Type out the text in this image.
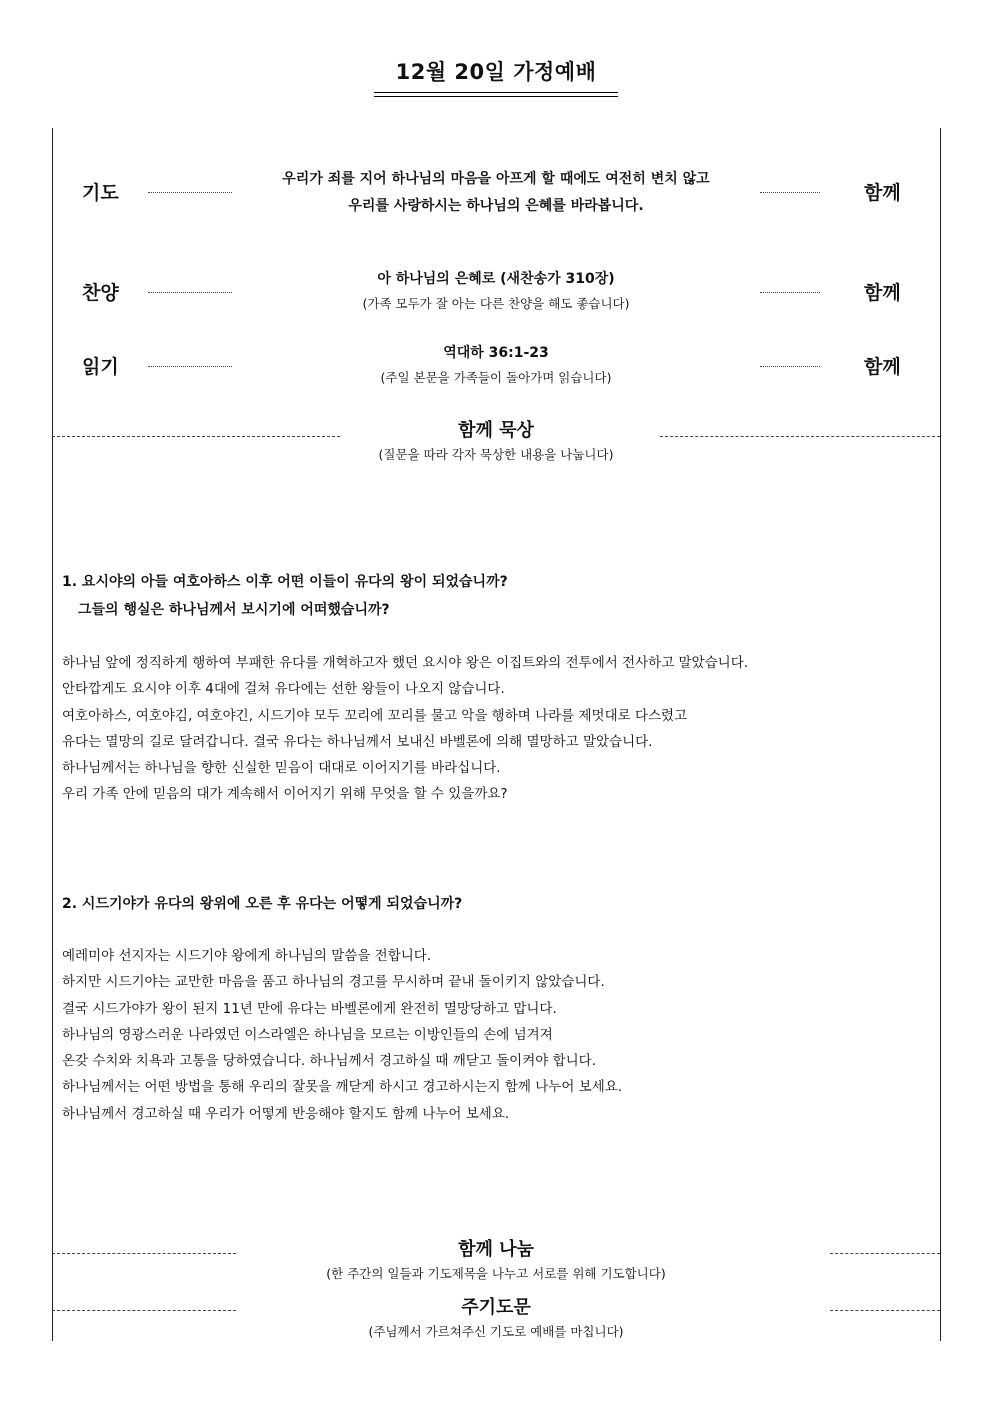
12월 20일 가정예배
기도
우리가 죄를 지어 하나님의 마음을 아프게 할 때에도 여전히 변치 않고
우리를 사랑하시는 하나님의 은혜를 바라봅니다.
함께
찬양
아 하나님의 은혜로 (새찬송가 310장)
(가족 모두가 잘 아는 다른 찬양을 해도 좋습니다)	함께
읽기
역대하 36:1-23
(주일 본문을 가족들이 돌아가며 읽습니다)	함께
함께 묵상
(질문을 따라 각자 묵상한 내용을 나눕니다)
1. 요시야의 아들 여호아하스 이후 어떤 이들이 유다의 왕이 되었습니까?
그들의 행실은 하나님께서 보시기에 어떠했습니까?
하나님 앞에 정직하게 행하여 부패한 유다를 개혁하고자 했던 요시야 왕은 이집트와의 전투에서 전사하고 말았습니다.
안타깝게도 요시야 이후 4대에 걸쳐 유다에는 선한 왕들이 나오지 않습니다.
여호아하스, 여호야김, 여호야긴, 시드기야 모두 꼬리에 꼬리를 물고 악을 행하며 나라를 제멋대로 다스렸고
유다는 멸망의 길로 달려갑니다. 결국 유다는 하나님께서 보내신 바벨론에 의해 멸망하고 말았습니다.
하나님께서는 하나님을 향한 신실한 믿음이 대대로 이어지기를 바라십니다.
우리 가족 안에 믿음의 대가 계속해서 이어지기 위해 무엇을 할 수 있을까요?
2. 시드기야가 유다의 왕위에 오른 후 유다는 어떻게 되었습니까?
예레미야 선지자는 시드기야 왕에게 하나님의 말씀을 전합니다.
하지만 시드기야는 교만한 마음을 품고 하나님의 경고를 무시하며 끝내 돌이키지 않았습니다.
결국 시드가야가 왕이 된지 11년 만에 유다는 바벨론에게 완전히 멸망당하고 맙니다.
하나님의 영광스러운 나라였던 이스라엘은 하나님을 모르는 이방인들의 손에 넘겨져
온갖 수치와 치욕과 고통을 당하였습니다. 하나님께서 경고하실 때 깨닫고 돌이켜야 합니다.
하나님께서는 어떤 방법을 통해 우리의 잘못을 깨닫게 하시고 경고하시는지 함께 나누어 보세요.
하나님께서 경고하실 때 우리가 어떻게 반응해야 할지도 함께 나누어 보세요.
함께 나눔
(한 주간의 일들과 기도제목을 나누고 서로를 위해 기도합니다)
주기도문
(주님께서 가르쳐주신 기도로 예배를 마칩니다)
